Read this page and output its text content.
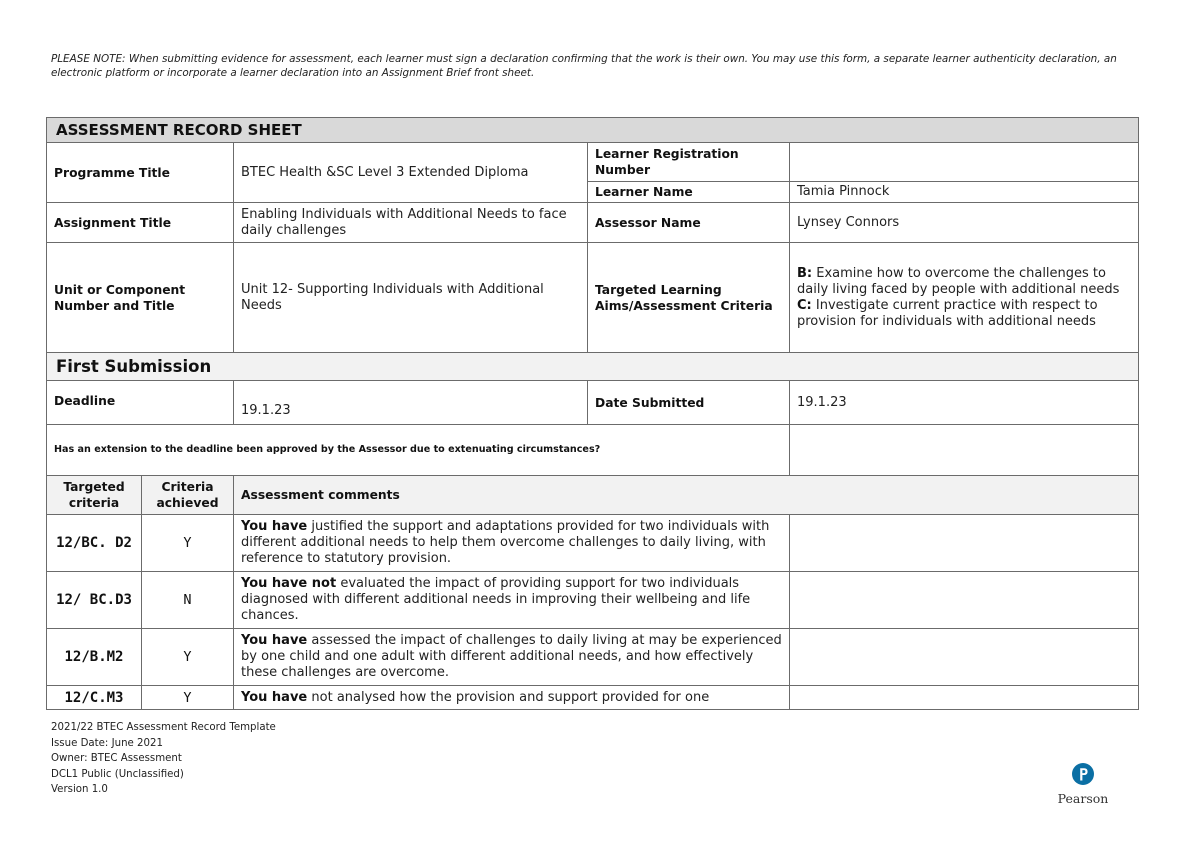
PLEASE NOTE: When submitting evidence for assessment, each learner must sign a declaration confirming that the work is their own. You may use this form, a separate learner authenticity declaration, an electronic platform or incorporate a learner declaration into an Assignment Brief front sheet.
ASSESSMENT RECORD SHEET				
Programme Title		BTEC Health &SC Level 3 Extended Diploma	Learner Registration Number	
			Learner Name	Tamia Pinnock
Assignment Title		Enabling Individuals with Additional Needs to face daily challenges	Assessor Name	Lynsey Connors
Unit or Component Number and Title		Unit 12- Supporting Individuals with Additional Needs	Targeted Learning Aims/Assessment Criteria	B: Examine how to overcome the challenges to daily living faced by people with additional needs
C: Investigate current practice with respect to provision for individuals with additional needs
First Submission				
Deadline		19.1.23	Date Submitted	19.1.23
Has an extension to the deadline been approved by the Assessor due to extenuating circumstances?				
Targeted criteria	Criteria achieved	Assessment comments		
12/BC. D2	Y	You have justified the support and adaptations provided for two individuals with different additional needs to help them overcome challenges to daily living, with reference to statutory provision.		
12/ BC.D3	N	You have not evaluated the impact of providing support for two individuals diagnosed with different additional needs in improving their wellbeing and life chances.		
12/B.M2	Y	You have assessed the impact of challenges to daily living at may be experienced by one child and one adult with different additional needs, and how effectively these challenges are overcome.		
12/C.M3	Y	You have not analysed how the provision and support provided for one		
2021/22 BTEC Assessment Record Template
Issue Date: June 2021
Owner: BTEC Assessment
DCL1 Public (Unclassified)
Version 1.0
Pearson
